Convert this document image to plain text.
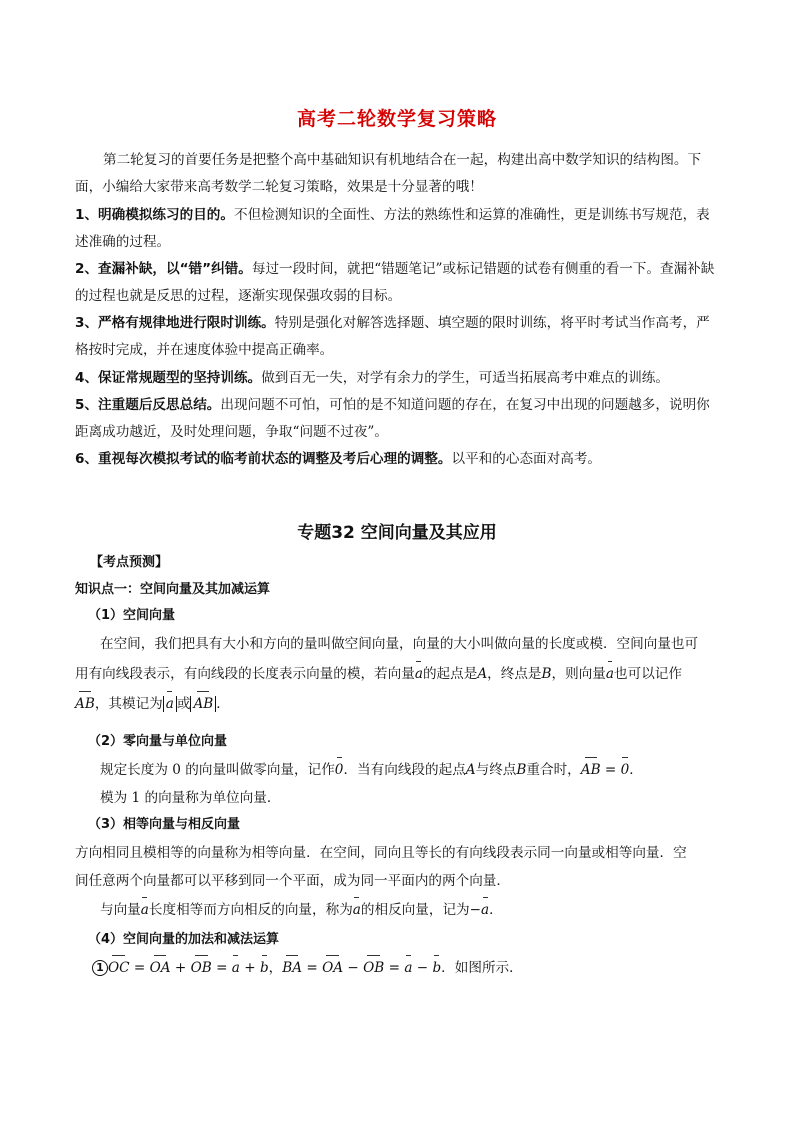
高考二轮数学复习策略
第二轮复习的首要任务是把整个高中基础知识有机地结合在一起，构建出高中数学知识的结构图。下
面，小编给大家带来高考数学二轮复习策略，效果是十分显著的哦！
1、明确模拟练习的目的。不但检测知识的全面性、方法的熟练性和运算的准确性，更是训练书写规范，表
述准确的过程。
2、查漏补缺，以“错”纠错。每过一段时间，就把“错题笔记”或标记错题的试卷有侧重的看一下。查漏补缺
的过程也就是反思的过程，逐渐实现保强攻弱的目标。
3、严格有规律地进行限时训练。特别是强化对解答选择题、填空题的限时训练，将平时考试当作高考，严
格按时完成，并在速度体验中提高正确率。
4、保证常规题型的坚持训练。做到百无一失，对学有余力的学生，可适当拓展高考中难点的训练。
5、注重题后反思总结。出现问题不可怕，可怕的是不知道问题的存在，在复习中出现的问题越多，说明你
距离成功越近，及时处理问题，争取“问题不过夜”。
6、重视每次模拟考试的临考前状态的调整及考后心理的调整。以平和的心态面对高考。
专题32 空间向量及其应用
【考点预测】
知识点一：空间向量及其加减运算
（1）空间向量
在空间，我们把具有大小和方向的量叫做空间向量，向量的大小叫做向量的长度或模．空间向量也可
用有向线段表示，有向线段的长度表示向量的模，若向量a的起点是A，终点是B，则向量a也可以记作
AB，其模记为 a 或 AB ．
（2）零向量与单位向量
规定长度为 0 的向量叫做零向量，记作0．当有向线段的起点A与终点B重合时，AB = 0．
模为 1 的向量称为单位向量．
（3）相等向量与相反向量
方向相同且模相等的向量称为相等向量．在空间，同向且等长的有向线段表示同一向量或相等向量．空
间任意两个向量都可以平移到同一个平面，成为同一平面内的两个向量．
与向量a长度相等而方向相反的向量，称为a的相反向量，记为−a．
（4）空间向量的加法和减法运算
1 OC = OA + OB = a + b，BA = OA − OB = a − b．如图所示．
